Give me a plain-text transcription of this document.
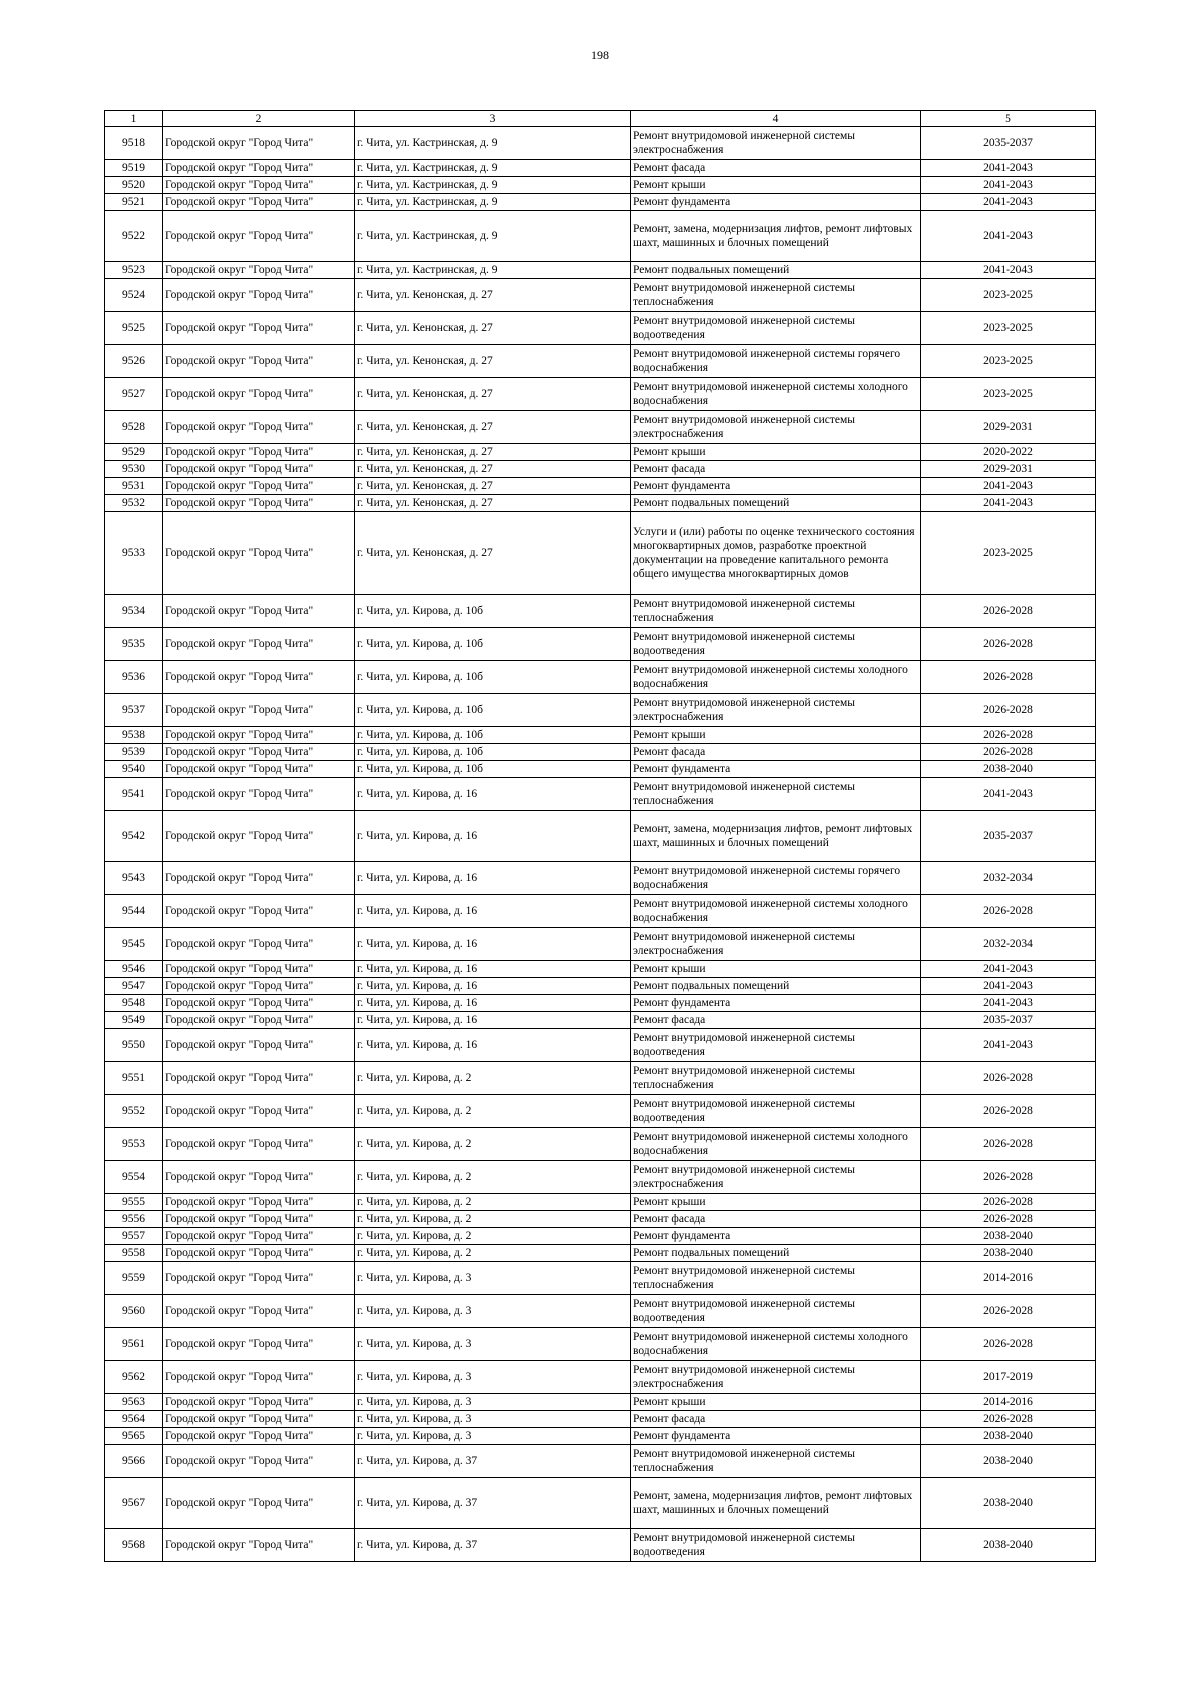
198
1	2	3	4	5
9518	Городской округ "Город Чита"	г. Чита, ул. Кастринская, д. 9	Ремонт внутридомовой инженерной системы электроснабжения	2035-2037
9519	Городской округ "Город Чита"	г. Чита, ул. Кастринская, д. 9	Ремонт фасада	2041-2043
9520	Городской округ "Город Чита"	г. Чита, ул. Кастринская, д. 9	Ремонт крыши	2041-2043
9521	Городской округ "Город Чита"	г. Чита, ул. Кастринская, д. 9	Ремонт фундамента	2041-2043
9522	Городской округ "Город Чита"	г. Чита, ул. Кастринская, д. 9	Ремонт, замена, модернизация лифтов, ремонт лифтовых шахт, машинных и блочных помещений	2041-2043
9523	Городской округ "Город Чита"	г. Чита, ул. Кастринская, д. 9	Ремонт подвальных помещений	2041-2043
9524	Городской округ "Город Чита"	г. Чита, ул. Кенонская, д. 27	Ремонт внутридомовой инженерной системы теплоснабжения	2023-2025
9525	Городской округ "Город Чита"	г. Чита, ул. Кенонская, д. 27	Ремонт внутридомовой инженерной системы водоотведения	2023-2025
9526	Городской округ "Город Чита"	г. Чита, ул. Кенонская, д. 27	Ремонт внутридомовой инженерной системы горячего водоснабжения	2023-2025
9527	Городской округ "Город Чита"	г. Чита, ул. Кенонская, д. 27	Ремонт внутридомовой инженерной системы холодного водоснабжения	2023-2025
9528	Городской округ "Город Чита"	г. Чита, ул. Кенонская, д. 27	Ремонт внутридомовой инженерной системы электроснабжения	2029-2031
9529	Городской округ "Город Чита"	г. Чита, ул. Кенонская, д. 27	Ремонт крыши	2020-2022
9530	Городской округ "Город Чита"	г. Чита, ул. Кенонская, д. 27	Ремонт фасада	2029-2031
9531	Городской округ "Город Чита"	г. Чита, ул. Кенонская, д. 27	Ремонт фундамента	2041-2043
9532	Городской округ "Город Чита"	г. Чита, ул. Кенонская, д. 27	Ремонт подвальных помещений	2041-2043
9533	Городской округ "Город Чита"	г. Чита, ул. Кенонская, д. 27	Услуги и (или) работы по оценке технического состояния многоквартирных домов, разработке проектной документации на проведение капитального ремонта общего имущества многоквартирных домов	2023-2025
9534	Городской округ "Город Чита"	г. Чита, ул. Кирова, д. 10б	Ремонт внутридомовой инженерной системы теплоснабжения	2026-2028
9535	Городской округ "Город Чита"	г. Чита, ул. Кирова, д. 10б	Ремонт внутридомовой инженерной системы водоотведения	2026-2028
9536	Городской округ "Город Чита"	г. Чита, ул. Кирова, д. 10б	Ремонт внутридомовой инженерной системы холодного водоснабжения	2026-2028
9537	Городской округ "Город Чита"	г. Чита, ул. Кирова, д. 10б	Ремонт внутридомовой инженерной системы электроснабжения	2026-2028
9538	Городской округ "Город Чита"	г. Чита, ул. Кирова, д. 10б	Ремонт крыши	2026-2028
9539	Городской округ "Город Чита"	г. Чита, ул. Кирова, д. 10б	Ремонт фасада	2026-2028
9540	Городской округ "Город Чита"	г. Чита, ул. Кирова, д. 10б	Ремонт фундамента	2038-2040
9541	Городской округ "Город Чита"	г. Чита, ул. Кирова, д. 16	Ремонт внутридомовой инженерной системы теплоснабжения	2041-2043
9542	Городской округ "Город Чита"	г. Чита, ул. Кирова, д. 16	Ремонт, замена, модернизация лифтов, ремонт лифтовых шахт, машинных и блочных помещений	2035-2037
9543	Городской округ "Город Чита"	г. Чита, ул. Кирова, д. 16	Ремонт внутридомовой инженерной системы горячего водоснабжения	2032-2034
9544	Городской округ "Город Чита"	г. Чита, ул. Кирова, д. 16	Ремонт внутридомовой инженерной системы холодного водоснабжения	2026-2028
9545	Городской округ "Город Чита"	г. Чита, ул. Кирова, д. 16	Ремонт внутридомовой инженерной системы электроснабжения	2032-2034
9546	Городской округ "Город Чита"	г. Чита, ул. Кирова, д. 16	Ремонт крыши	2041-2043
9547	Городской округ "Город Чита"	г. Чита, ул. Кирова, д. 16	Ремонт подвальных помещений	2041-2043
9548	Городской округ "Город Чита"	г. Чита, ул. Кирова, д. 16	Ремонт фундамента	2041-2043
9549	Городской округ "Город Чита"	г. Чита, ул. Кирова, д. 16	Ремонт фасада	2035-2037
9550	Городской округ "Город Чита"	г. Чита, ул. Кирова, д. 16	Ремонт внутридомовой инженерной системы водоотведения	2041-2043
9551	Городской округ "Город Чита"	г. Чита, ул. Кирова, д. 2	Ремонт внутридомовой инженерной системы теплоснабжения	2026-2028
9552	Городской округ "Город Чита"	г. Чита, ул. Кирова, д. 2	Ремонт внутридомовой инженерной системы водоотведения	2026-2028
9553	Городской округ "Город Чита"	г. Чита, ул. Кирова, д. 2	Ремонт внутридомовой инженерной системы холодного водоснабжения	2026-2028
9554	Городской округ "Город Чита"	г. Чита, ул. Кирова, д. 2	Ремонт внутридомовой инженерной системы электроснабжения	2026-2028
9555	Городской округ "Город Чита"	г. Чита, ул. Кирова, д. 2	Ремонт крыши	2026-2028
9556	Городской округ "Город Чита"	г. Чита, ул. Кирова, д. 2	Ремонт фасада	2026-2028
9557	Городской округ "Город Чита"	г. Чита, ул. Кирова, д. 2	Ремонт фундамента	2038-2040
9558	Городской округ "Город Чита"	г. Чита, ул. Кирова, д. 2	Ремонт подвальных помещений	2038-2040
9559	Городской округ "Город Чита"	г. Чита, ул. Кирова, д. 3	Ремонт внутридомовой инженерной системы теплоснабжения	2014-2016
9560	Городской округ "Город Чита"	г. Чита, ул. Кирова, д. 3	Ремонт внутридомовой инженерной системы водоотведения	2026-2028
9561	Городской округ "Город Чита"	г. Чита, ул. Кирова, д. 3	Ремонт внутридомовой инженерной системы холодного водоснабжения	2026-2028
9562	Городской округ "Город Чита"	г. Чита, ул. Кирова, д. 3	Ремонт внутридомовой инженерной системы электроснабжения	2017-2019
9563	Городской округ "Город Чита"	г. Чита, ул. Кирова, д. 3	Ремонт крыши	2014-2016
9564	Городской округ "Город Чита"	г. Чита, ул. Кирова, д. 3	Ремонт фасада	2026-2028
9565	Городской округ "Город Чита"	г. Чита, ул. Кирова, д. 3	Ремонт фундамента	2038-2040
9566	Городской округ "Город Чита"	г. Чита, ул. Кирова, д. 37	Ремонт внутридомовой инженерной системы теплоснабжения	2038-2040
9567	Городской округ "Город Чита"	г. Чита, ул. Кирова, д. 37	Ремонт, замена, модернизация лифтов, ремонт лифтовых шахт, машинных и блочных помещений	2038-2040
9568	Городской округ "Город Чита"	г. Чита, ул. Кирова, д. 37	Ремонт внутридомовой инженерной системы водоотведения	2038-2040
